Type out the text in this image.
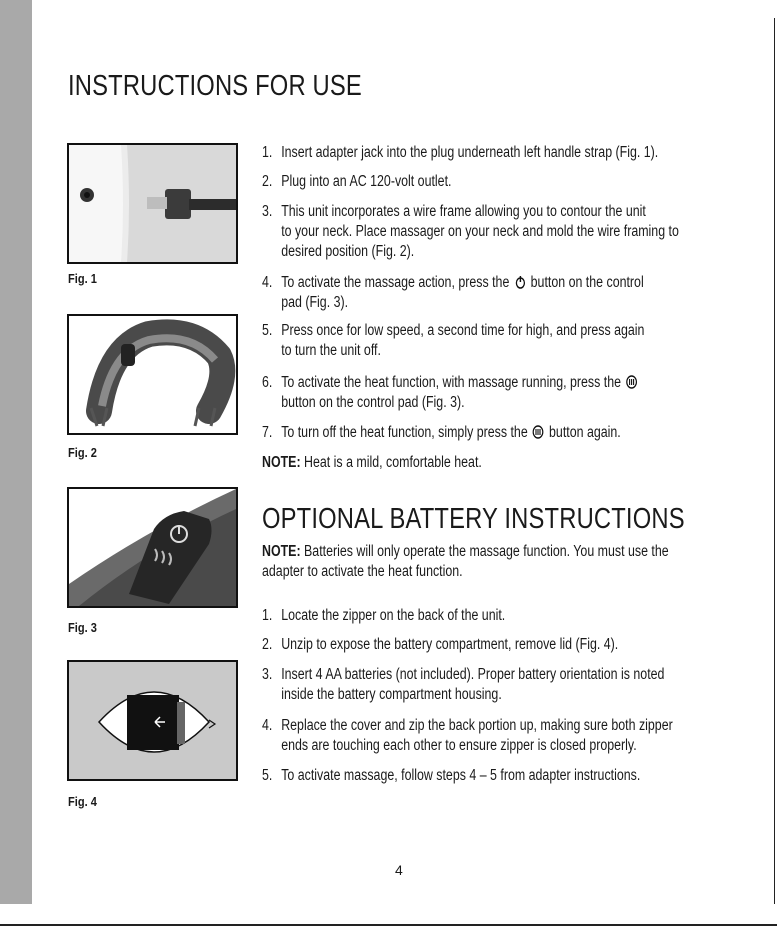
INSTRUCTIONS FOR USE
Fig. 1
Fig. 2
Fig. 3
Fig. 4
1. Insert adapter jack into the plug underneath left handle strap (Fig. 1).
2. Plug into an AC 120-volt outlet.
3. This unit incorporates a wire frame allowing you to contour the unit
to your neck. Place massager on your neck and mold the wire framing to
desired position (Fig. 2).
4. To activate the massage action, press the button on the control
pad (Fig. 3).
5. Press once for low speed, a second time for high, and press again
to turn the unit off.
6. To activate the heat function, with massage running, press the
button on the control pad (Fig. 3).
7. To turn off the heat function, simply press the button again.
NOTE: Heat is a mild, comfortable heat.
OPTIONAL BATTERY INSTRUCTIONS
NOTE: Batteries will only operate the massage function. You must use the
adapter to activate the heat function.
1. Locate the zipper on the back of the unit.
2. Unzip to expose the battery compartment, remove lid (Fig. 4).
3. Insert 4 AA batteries (not included). Proper battery orientation is noted
inside the battery compartment housing.
4. Replace the cover and zip the back portion up, making sure both zipper
ends are touching each other to ensure zipper is closed properly.
5. To activate massage, follow steps 4 – 5 from adapter instructions.
4
